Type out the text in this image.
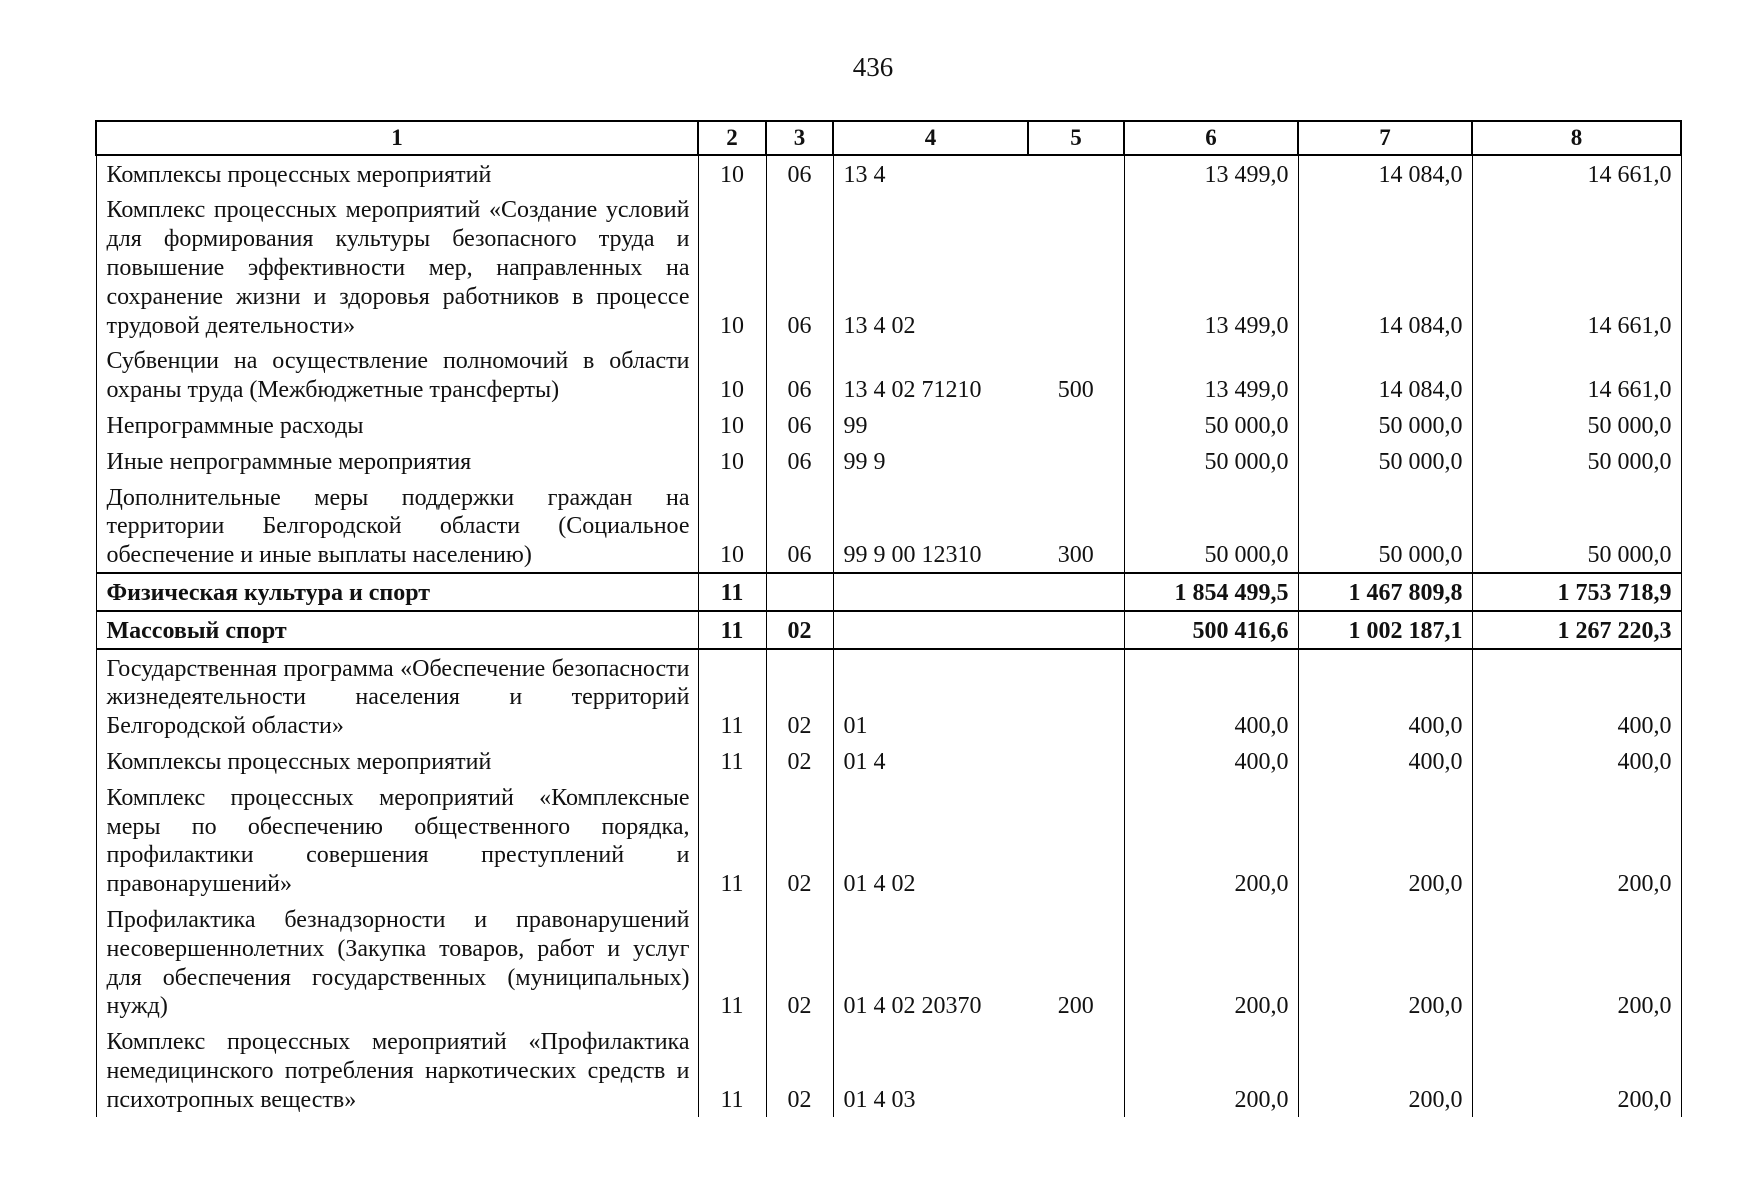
436
1	2	3	4	5	6	7	8
Комплексы процессных мероприятий	10	06	13 4		13 499,0	14 084,0	14 661,0
Комплекс процессных мероприятий «Создание условий для формирования культуры безопасного труда и повышение эффективности мер, направленных на сохранение жизни и здоровья работников в процессе трудовой деятельности»	10	06	13 4 02		13 499,0	14 084,0	14 661,0
Субвенции на осуществление полномочий в области охраны труда (Межбюджетные трансферты)	10	06	13 4 02 71210	500	13 499,0	14 084,0	14 661,0
Непрограммные расходы	10	06	99		50 000,0	50 000,0	50 000,0
Иные непрограммные мероприятия	10	06	99 9		50 000,0	50 000,0	50 000,0
Дополнительные меры поддержки граждан на территории Белгородской области (Социальное обеспечение и иные выплаты населению)	10	06	99 9 00 12310	300	50 000,0	50 000,0	50 000,0
Физическая культура и спорт	11				1 854 499,5	1 467 809,8	1 753 718,9
Массовый спорт	11	02			500 416,6	1 002 187,1	1 267 220,3
Государственная программа «Обеспечение безопасности жизнедеятельности населения и территорий Белгородской области»	11	02	01		400,0	400,0	400,0
Комплексы процессных мероприятий	11	02	01 4		400,0	400,0	400,0
Комплекс процессных мероприятий «Комплексные меры по обеспечению общественного порядка, профилактики совершения преступлений и правонарушений»	11	02	01 4 02		200,0	200,0	200,0
Профилактика безнадзорности и правонарушений несовершеннолетних (Закупка товаров, работ и услуг для обеспечения государственных (муниципальных) нужд)	11	02	01 4 02 20370	200	200,0	200,0	200,0
Комплекс процессных мероприятий «Профилактика немедицинского потребления наркотических средств и психотропных веществ»	11	02	01 4 03		200,0	200,0	200,0
